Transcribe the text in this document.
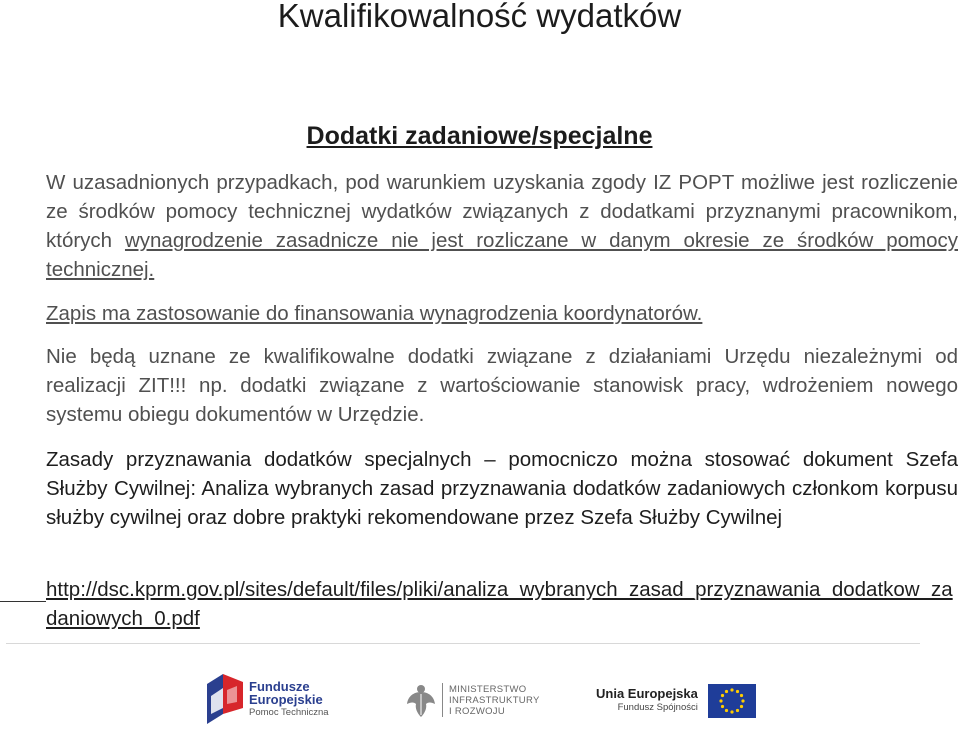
Kwalifikowalność wydatków
Dodatki zadaniowe/specjalne
W uzasadnionych przypadkach, pod warunkiem uzyskania zgody IZ POPT możliwe jest rozliczenie ze środków pomocy technicznej wydatków związanych z dodatkami przyznanymi pracownikom, których wynagrodzenie zasadnicze nie jest rozliczane w danym okresie ze środków pomocy technicznej.
Zapis ma zastosowanie do finansowania wynagrodzenia koordynatorów.
Nie będą uznane ze kwalifikowalne dodatki związane z działaniami Urzędu niezależnymi od realizacji ZIT!!! np. dodatki związane z wartościowanie stanowisk pracy, wdrożeniem nowego systemu obiegu dokumentów w Urzędzie.
Zasady przyznawania dodatków specjalnych – pomocniczo można stosować dokument Szefa Służby Cywilnej: Analiza wybranych zasad przyznawania dodatków zadaniowych członkom korpusu służby cywilnej oraz dobre praktyki rekomendowane przez Szefa Służby Cywilnej
http://dsc.kprm.gov.pl/sites/default/files/pliki/analiza_wybranych_zasad_przyznawania_dodatkow_zadaniowych_0.pdf
Fundusze
Europejskie
Pomoc Techniczna
MINISTERSTWO
INFRASTRUKTURY
I ROZWOJU
Unia Europejska
Fundusz Spójności
